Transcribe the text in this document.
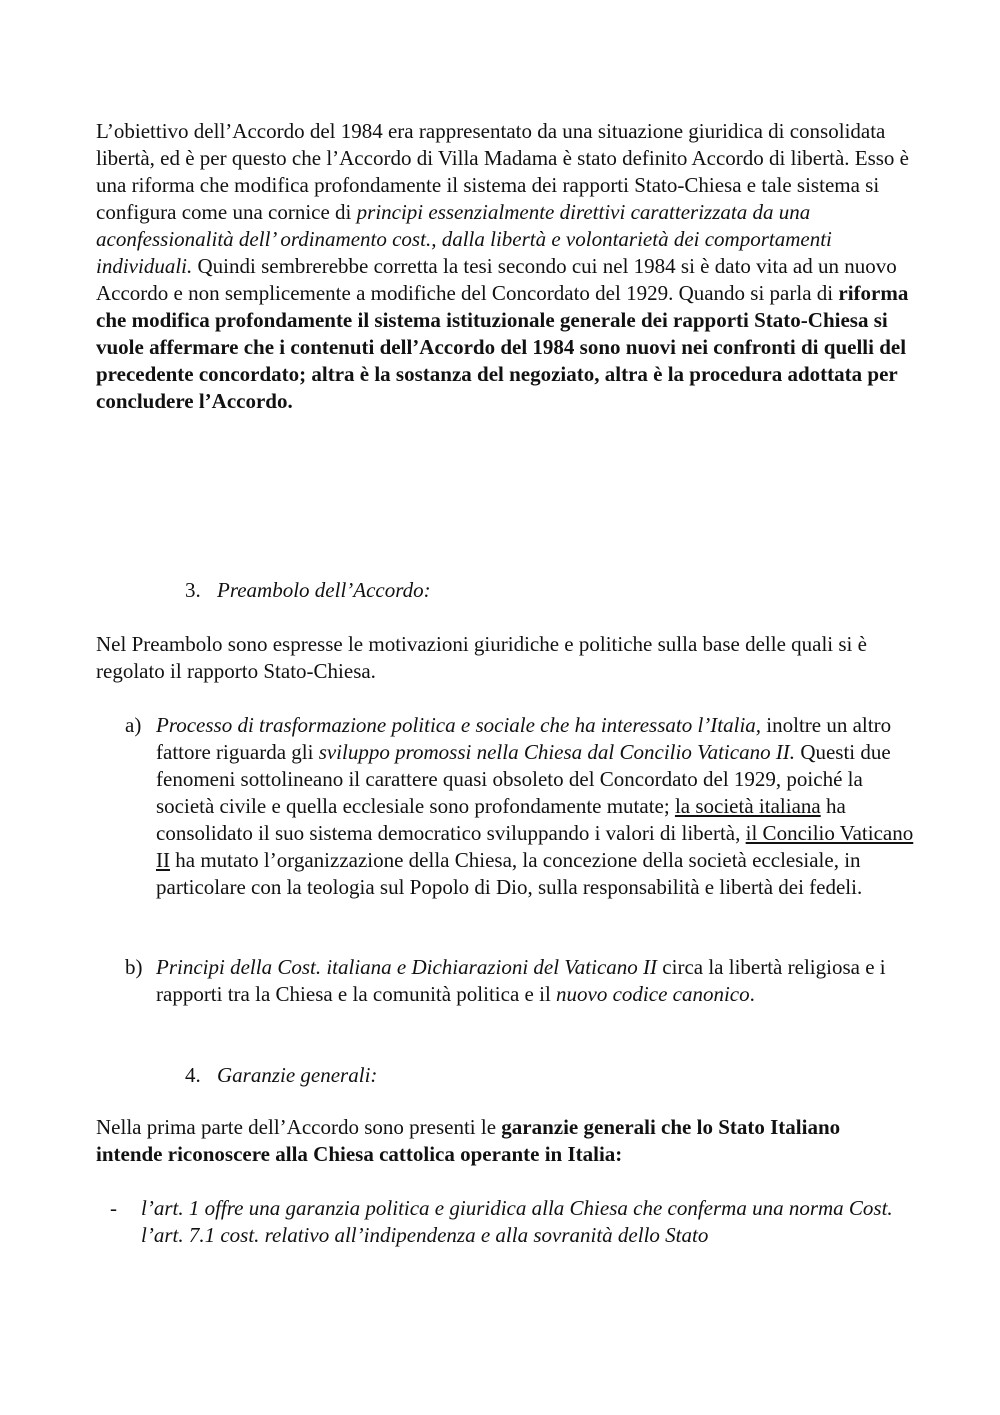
L’obiettivo dell’Accordo del 1984 era rappresentato da una situazione giuridica di consolidata libertà, ed è per questo che l’Accordo di Villa Madama è stato definito Accordo di libertà. Esso è una riforma che modifica profondamente il sistema dei rapporti Stato-Chiesa e tale sistema si configura come una cornice di principi essenzialmente direttivi caratterizzata da una aconfessionalità dell’ ordinamento cost., dalla libertà e volontarietà dei comportamenti individuali. Quindi sembrerebbe corretta la tesi secondo cui nel 1984 si è dato vita ad un nuovo Accordo e non semplicemente a modifiche del Concordato del 1929. Quando si parla di riforma che modifica profondamente il sistema istituzionale generale dei rapporti Stato-Chiesa si vuole affermare che i contenuti dell’Accordo del 1984 sono nuovi nei confronti di quelli del precedente concordato; altra è la sostanza del negoziato, altra è la procedura adottata per concludere l’Accordo.

3. Preambolo dell’Accordo:

Nel Preambolo sono espresse le motivazioni giuridiche e politiche sulla base delle quali si è regolato il rapporto Stato-Chiesa.

a) Processo di trasformazione politica e sociale che ha interessato l’Italia, inoltre un altro fattore riguarda gli sviluppo promossi nella Chiesa dal Concilio Vaticano II. Questi due fenomeni sottolineano il carattere quasi obsoleto del Concordato del 1929, poiché la società civile e quella ecclesiale sono profondamente mutate; la società italiana ha consolidato il suo sistema democratico sviluppando i valori di libertà, il Concilio Vaticano II ha mutato l’organizzazione della Chiesa, la concezione della società ecclesiale, in particolare con la teologia sul Popolo di Dio, sulla responsabilità e libertà dei fedeli.
b) Principi della Cost. italiana e Dichiarazioni del Vaticano II circa la libertà religiosa e i rapporti tra la Chiesa e la comunità politica e il nuovo codice canonico.

4. Garanzie generali:

Nella prima parte dell’Accordo sono presenti le garanzie generali che lo Stato Italiano intende riconoscere alla Chiesa cattolica operante in Italia:

- l’art. 1 offre una garanzia politica e giuridica alla Chiesa che conferma una norma Cost. l’art. 7.1 cost. relativo all’indipendenza e alla sovranità dello Stato
